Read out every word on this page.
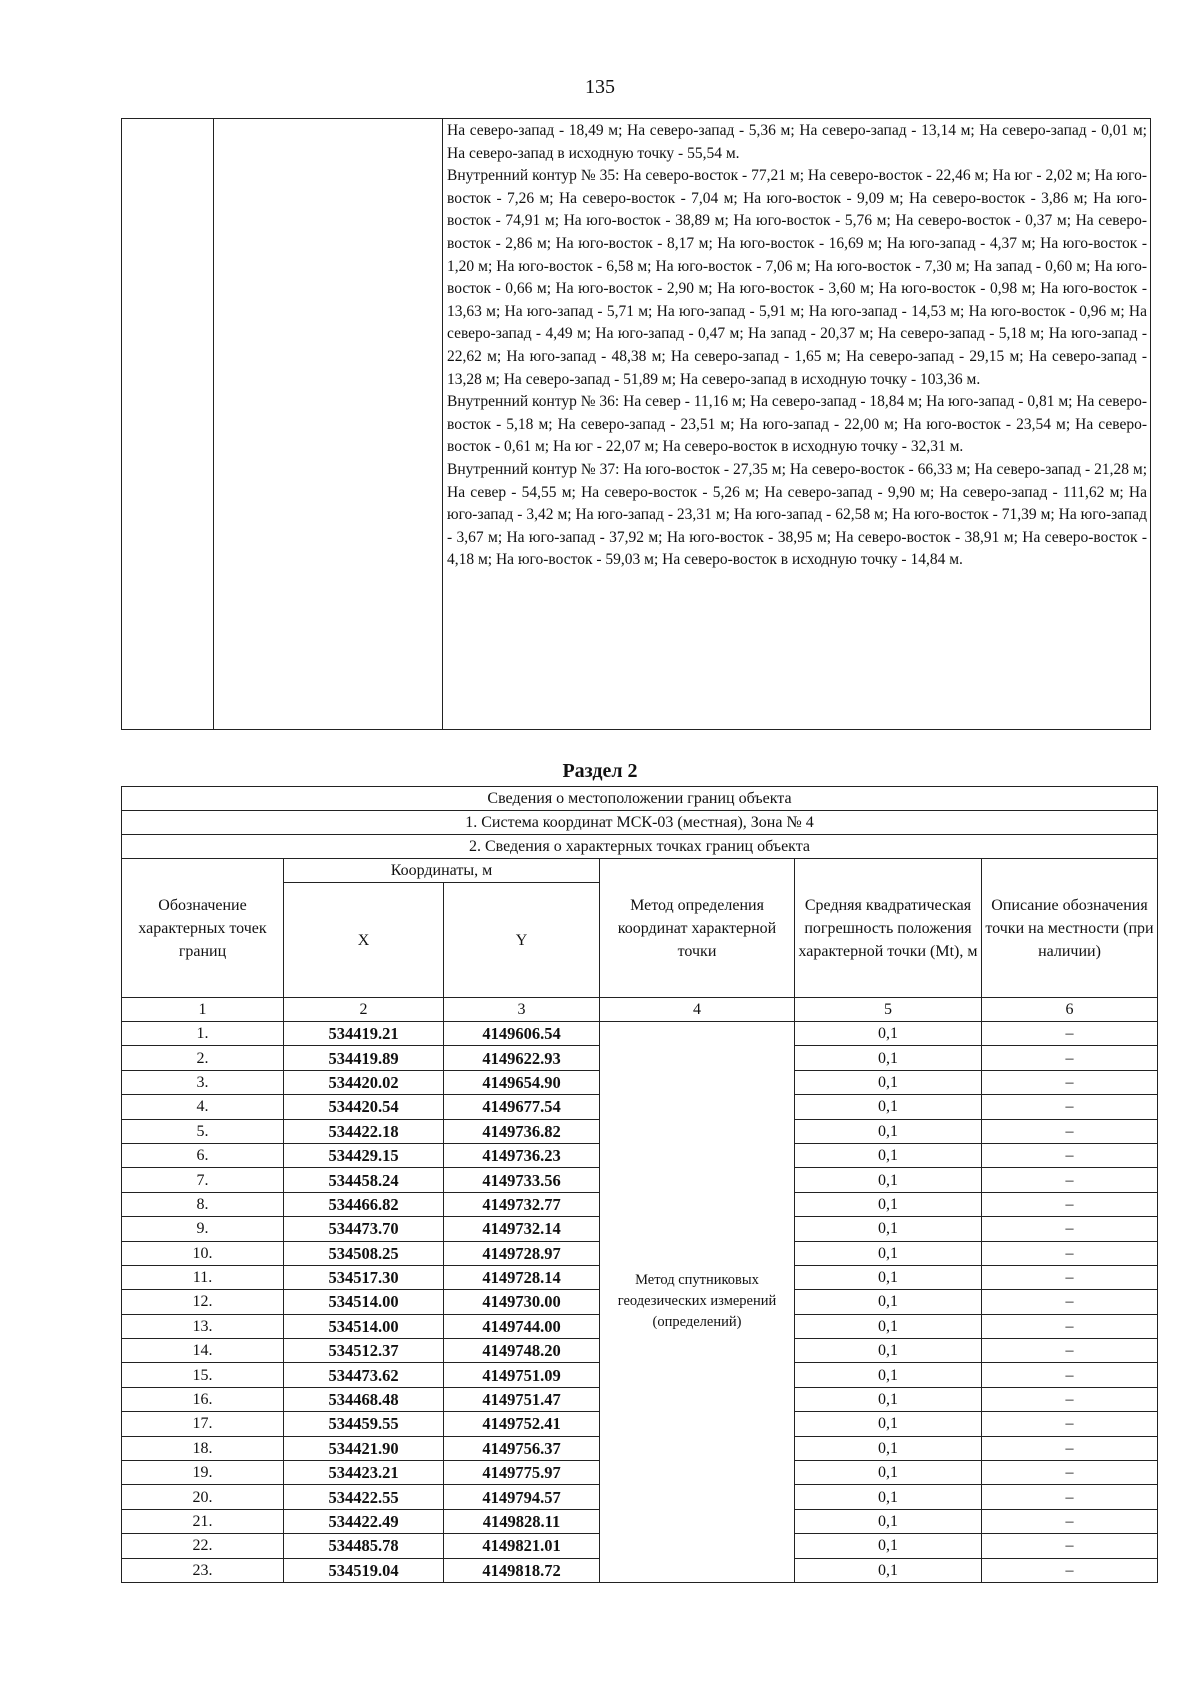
135

На северо-запад - 18,49 м; На северо-запад - 5,36 м; На северо-запад - 13,14 м; На северо-запад - 0,01 м; На северо-запад в исходную точку - 55,54 м.

Внутренний контур № 35: На северо-восток - 77,21 м; На северо-восток - 22,46 м; На юг - 2,02 м; На юго-восток - 7,26 м; На северо-восток - 7,04 м; На юго-восток - 9,09 м; На северо-восток - 3,86 м; На юго-восток - 74,91 м; На юго-восток - 38,89 м; На юго-восток - 5,76 м; На северо-восток - 0,37 м; На северо-восток - 2,86 м; На юго-восток - 8,17 м; На юго-восток - 16,69 м; На юго-запад - 4,37 м; На юго-восток - 1,20 м; На юго-восток - 6,58 м; На юго-восток - 7,06 м; На юго-восток - 7,30 м; На запад - 0,60 м; На юго-восток - 0,66 м; На юго-восток - 2,90 м; На юго-восток - 3,60 м; На юго-восток - 0,98 м; На юго-восток - 13,63 м; На юго-запад - 5,71 м; На юго-запад - 5,91 м; На юго-запад - 14,53 м; На юго-восток - 0,96 м; На северо-запад - 4,49 м; На юго-запад - 0,47 м; На запад - 20,37 м; На северо-запад - 5,18 м; На юго-запад - 22,62 м; На юго-запад - 48,38 м; На северо-запад - 1,65 м; На северо-запад - 29,15 м; На северо-запад - 13,28 м; На северо-запад - 51,89 м; На северо-запад в исходную точку - 103,36 м.

Внутренний контур № 36: На север - 11,16 м; На северо-запад - 18,84 м; На юго-запад - 0,81 м; На северо-восток - 5,18 м; На северо-запад - 23,51 м; На юго-запад - 22,00 м; На юго-восток - 23,54 м; На северо-восток - 0,61 м; На юг - 22,07 м; На северо-восток в исходную точку - 32,31 м.

Внутренний контур № 37: На юго-восток - 27,35 м; На северо-восток - 66,33 м; На северо-запад - 21,28 м; На север - 54,55 м; На северо-восток - 5,26 м; На северо-запад - 9,90 м; На северо-запад - 111,62 м; На юго-запад - 3,42 м; На юго-запад - 23,31 м; На юго-запад - 62,58 м; На юго-восток - 71,39 м; На юго-запад - 3,67 м; На юго-запад - 37,92 м; На юго-восток - 38,95 м; На северо-восток - 38,91 м; На северо-восток - 4,18 м; На юго-восток - 59,03 м; На северо-восток в исходную точку - 14,84 м.

Раздел 2
Сведения о местоположении границ объекта					
1. Система координат МСК-03 (местная), Зона № 4					
2. Сведения о характерных точках границ объекта					
Обозначение характерных точек границ	Координаты, м		Метод определения координат характерной точки	Средняя квадратическая погрешность положения характерной точки (Mt), м	Описание обозначения точки на местности (при наличии)
	X	Y			
1	2	3	4	5	6
1.	534419.21	4149606.54	Метод спутниковых геодезических измерений (определений)	0,1	–
2.	534419.89	4149622.93		0,1	–
3.	534420.02	4149654.90		0,1	–
4.	534420.54	4149677.54		0,1	–
5.	534422.18	4149736.82		0,1	–
6.	534429.15	4149736.23		0,1	–
7.	534458.24	4149733.56		0,1	–
8.	534466.82	4149732.77		0,1	–
9.	534473.70	4149732.14		0,1	–
10.	534508.25	4149728.97		0,1	–
11.	534517.30	4149728.14		0,1	–
12.	534514.00	4149730.00		0,1	–
13.	534514.00	4149744.00		0,1	–
14.	534512.37	4149748.20		0,1	–
15.	534473.62	4149751.09		0,1	–
16.	534468.48	4149751.47		0,1	–
17.	534459.55	4149752.41		0,1	–
18.	534421.90	4149756.37		0,1	–
19.	534423.21	4149775.97		0,1	–
20.	534422.55	4149794.57		0,1	–
21.	534422.49	4149828.11		0,1	–
22.	534485.78	4149821.01		0,1	–
23.	534519.04	4149818.72		0,1	–
